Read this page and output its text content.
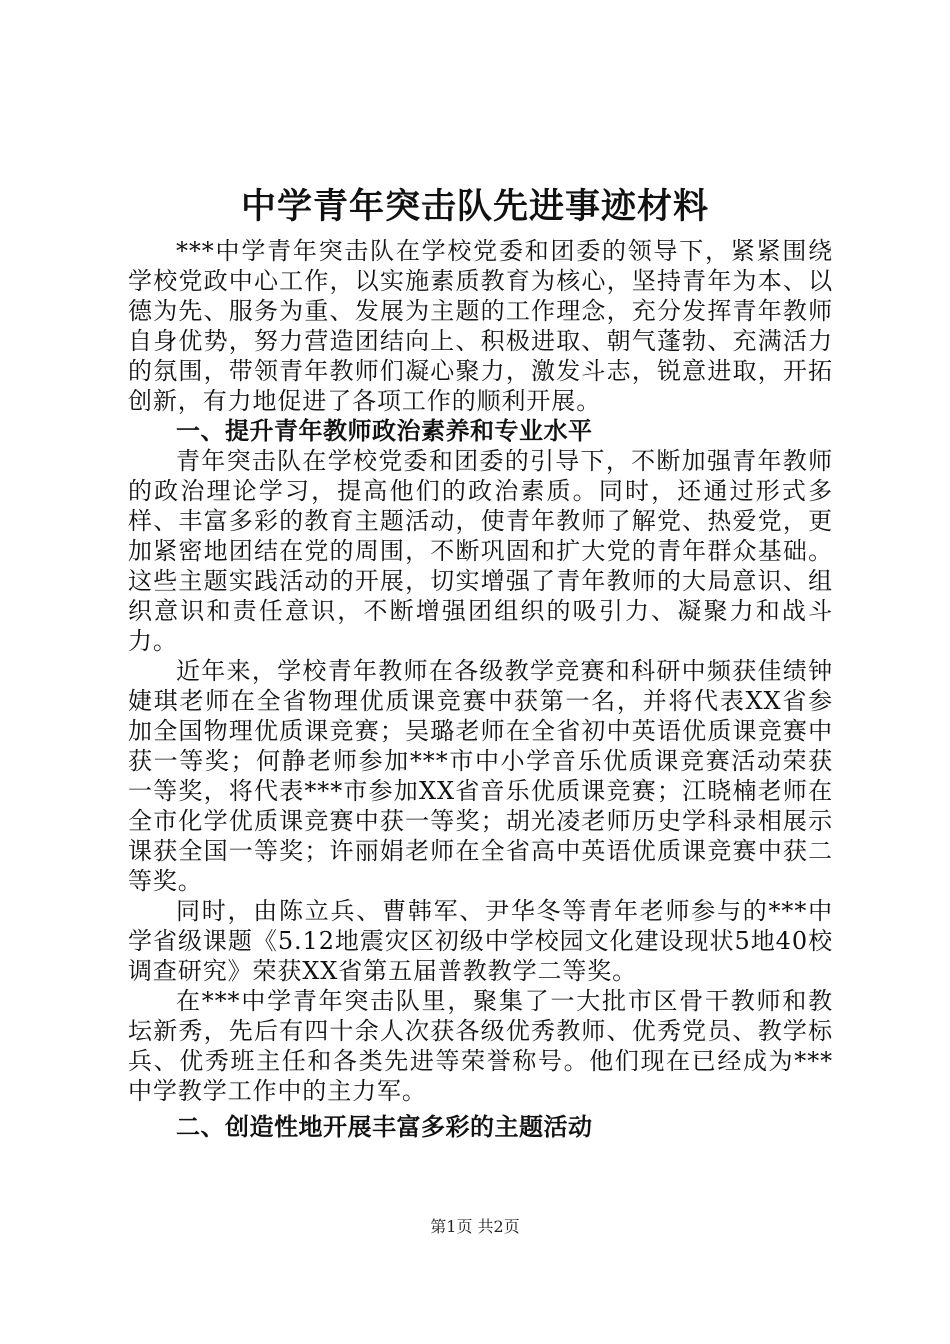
中学青年突击队先进事迹材料

***中学青年突击队在学校党委和团委的领导下，紧紧围绕学校党政中心工作，以实施素质教育为核心，坚持青年为本、以德为先、服务为重、发展为主题的工作理念，充分发挥青年教师自身优势，努力营造团结向上、积极进取、朝气蓬勃、充满活力的氛围，带领青年教师们凝心聚力，激发斗志，锐意进取，开拓创新，有力地促进了各项工作的顺利开展。

一、提升青年教师政治素养和专业水平

青年突击队在学校党委和团委的引导下，不断加强青年教师的政治理论学习，提高他们的政治素质。同时，还通过形式多样、丰富多彩的教育主题活动，使青年教师了解党、热爱党，更加紧密地团结在党的周围，不断巩固和扩大党的青年群众基础。这些主题实践活动的开展，切实增强了青年教师的大局意识、组织意识和责任意识，不断增强团组织的吸引力、凝聚力和战斗力。

近年来，学校青年教师在各级教学竞赛和科研中频获佳绩钟婕琪老师在全省物理优质课竞赛中获第一名，并将代表XX省参加全国物理优质课竞赛；吴璐老师在全省初中英语优质课竞赛中获一等奖；何静老师参加***市中小学音乐优质课竞赛活动荣获一等奖，将代表***市参加XX省音乐优质课竞赛；江晓楠老师在全市化学优质课竞赛中获一等奖；胡光凌老师历史学科录相展示课获全国一等奖；许丽娟老师在全省高中英语优质课竞赛中获二等奖。

同时，由陈立兵、曹韩军、尹华冬等青年老师参与的***中学省级课题《5.12地震灾区初级中学校园文化建设现状5地40校调查研究》荣获XX省第五届普教教学二等奖。

在***中学青年突击队里，聚集了一大批市区骨干教师和教坛新秀，先后有四十余人次获各级优秀教师、优秀党员、教学标兵、优秀班主任和各类先进等荣誉称号。他们现在已经成为***中学教学工作中的主力军。

二、创造性地开展丰富多彩的主题活动

第1页 共2页
